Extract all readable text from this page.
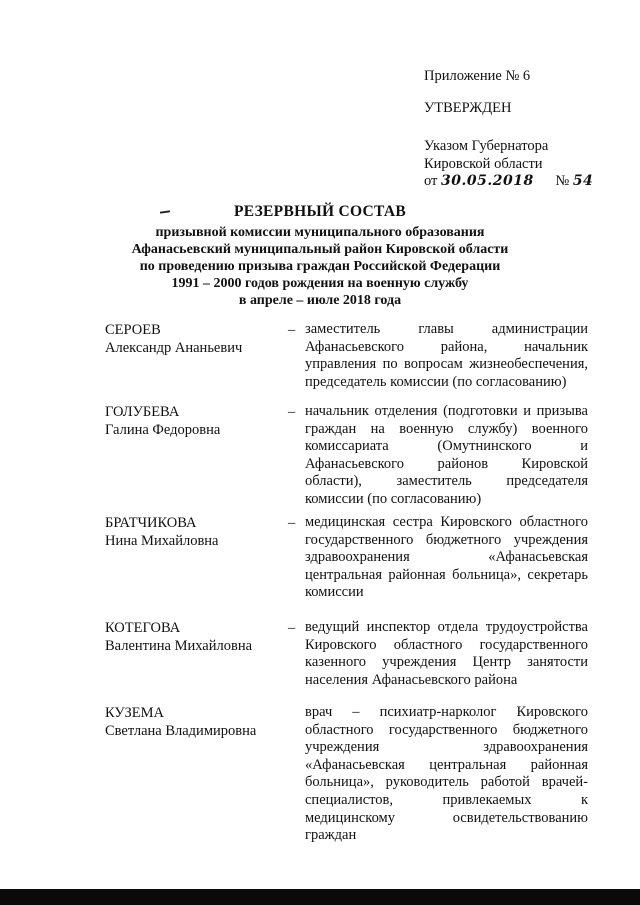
Приложение № 6
УТВЕРЖДЕН
Указом Губернатора
Кировской области
от 30.05.2018 № 54
РЕЗЕРВНЫЙ СОСТАВ
призывной комиссии муниципального образования
Афанасьевский муниципальный район Кировской области
по проведению призыва граждан Российской Федерации
1991 – 2000 годов рождения на военную службу
в апреле – июле 2018 года
СЕРОЕВ
Александр Ананьевич
– заместитель главы администрации Афанасьевского района, начальник управления по вопросам жизнеобеспечения, председатель комиссии (по согласованию)
ГОЛУБЕВА
Галина Федоровна
– начальник отделения (подготовки и призыва граждан на военную службу) военного комиссариата (Омутнинского и Афанасьевского районов Кировской области), заместитель председателя комиссии (по согласованию)
БРАТЧИКОВА
Нина Михайловна
– медицинская сестра Кировского областного государственного бюджетного учреждения здравоохранения «Афанасьевская центральная районная больница», секретарь комиссии
КОТЕГОВА
Валентина Михайловна
– ведущий инспектор отдела трудоустройства Кировского областного государственного казенного учреждения Центр занятости населения Афанасьевского района
КУЗЕМА
Светлана Владимировна
врач – психиатр-нарколог Кировского областного государственного бюджетного учреждения здравоохранения «Афанасьевская центральная районная больница», руководитель работой врачей-специалистов, привлекаемых к медицинскому освидетельствованию граждан
